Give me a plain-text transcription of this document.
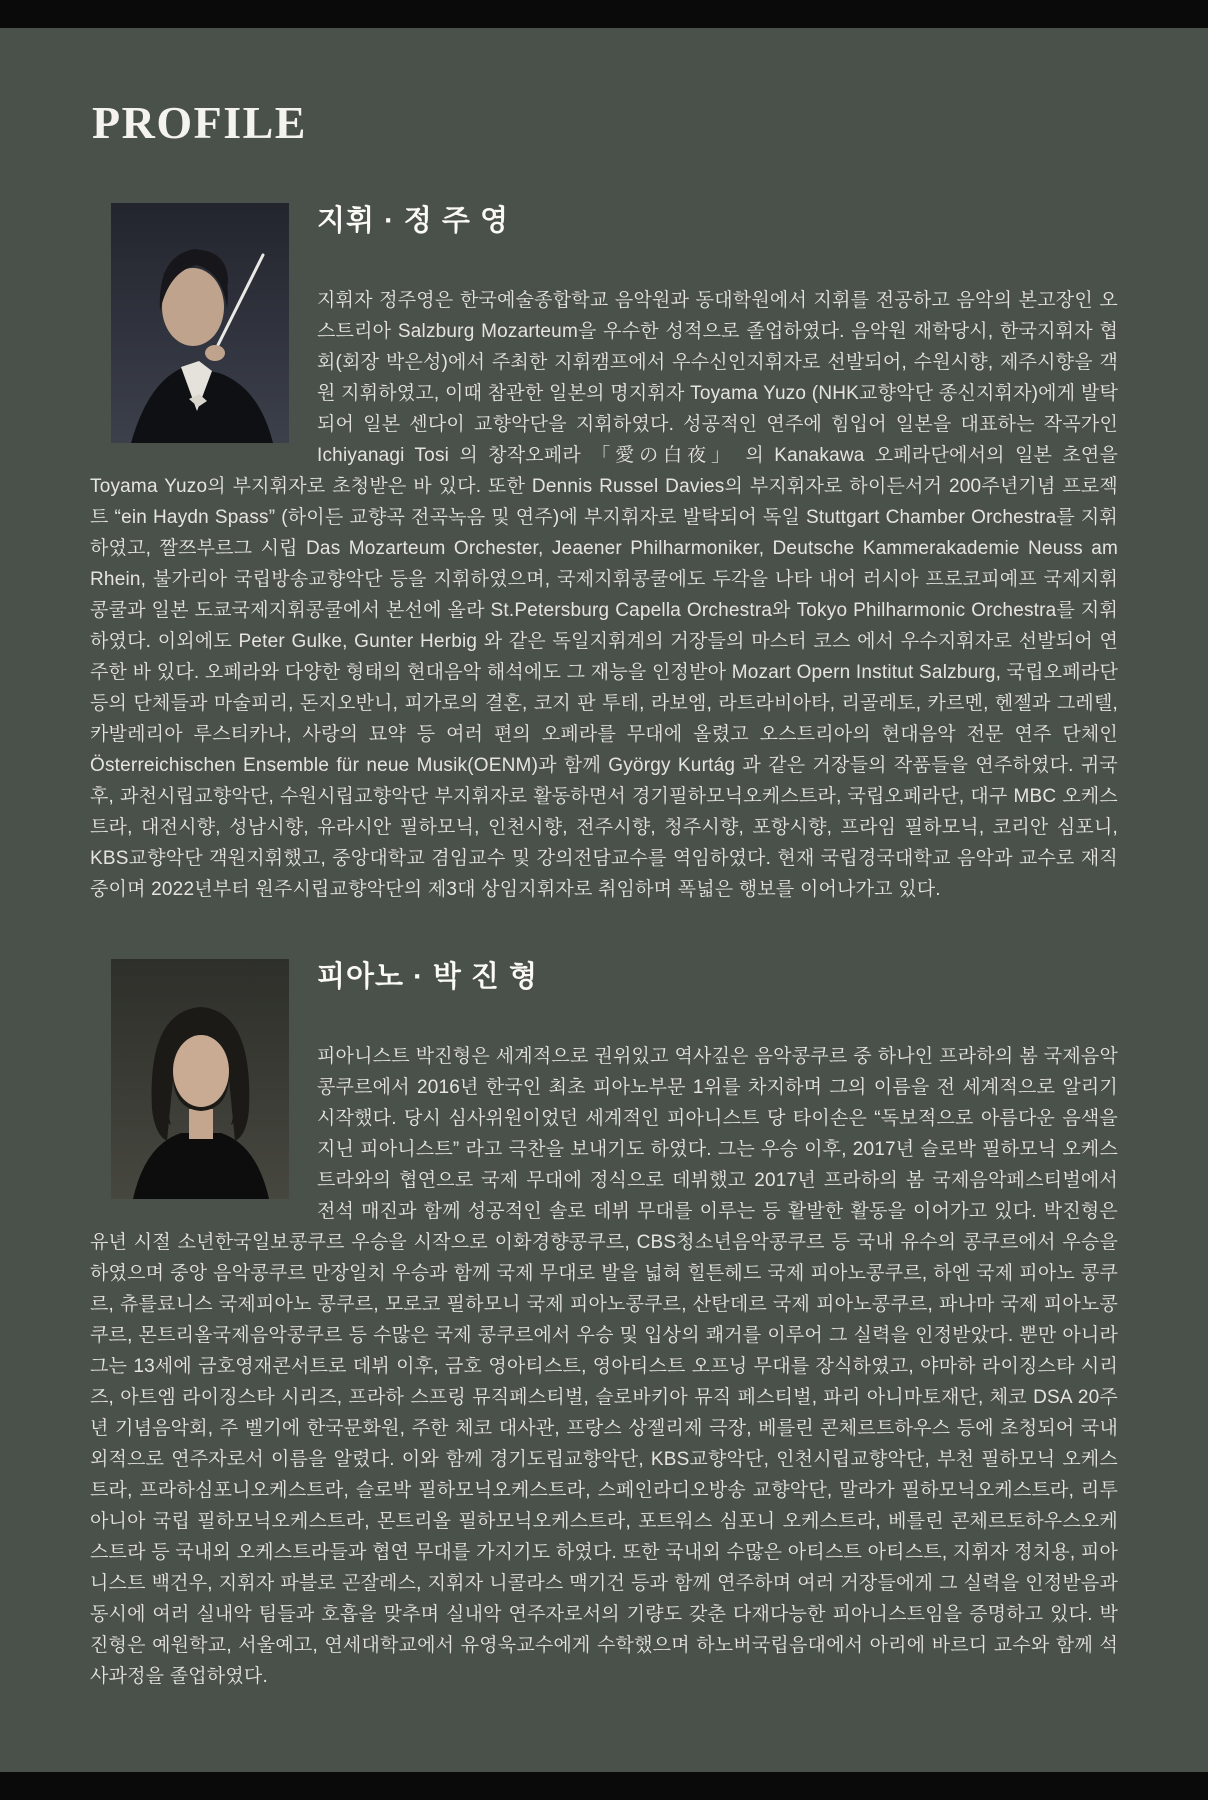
PROFILE
지휘 · 정 주 영

지휘자 정주영은 한국예술종합학교 음악원과 동대학원에서 지휘를 전공하고 음악의 본고장인 오스트리아 Salzburg Mozarteum을 우수한 성적으로 졸업하였다. 음악원 재학당시, 한국지휘자 협회(회장 박은성)에서 주최한 지휘캠프에서 우수신인지휘자로 선발되어, 수원시향, 제주시향을 객원 지휘하였고, 이때 참관한 일본의 명지휘자 Toyama Yuzo (NHK교향악단 종신지휘자)에게 발탁되어 일본 센다이 교향악단을 지휘하였다. 성공적인 연주에 힘입어 일본을 대표하는 작곡가인 Ichiyanagi Tosi 의 창작오페라 「愛の白夜」 의 Kanakawa 오페라단에서의 일본 초연을 Toyama Yuzo의 부지휘자로 초청받은 바 있다. 또한 Dennis Russel Davies의 부지휘자로 하이든서거 200주년기념 프로젝트 “ein Haydn Spass” (하이든 교향곡 전곡녹음 및 연주)에 부지휘자로 발탁되어 독일 Stuttgart Chamber Orchestra를 지휘하였고, 짤쯔부르그 시립 Das Mozarteum Orchester, Jeaener Philharmoniker, Deutsche Kammerakademie Neuss am Rhein, 불가리아 국립방송교향악단 등을 지휘하였으며, 국제지휘콩쿨에도 두각을 나타 내어 러시아 프로코피예프 국제지휘콩쿨과 일본 도쿄국제지휘콩쿨에서 본선에 올라 St.Petersburg Capella Orchestra와 Tokyo Philharmonic Orchestra를 지휘하였다. 이외에도 Peter Gulke, Gunter Herbig 와 같은 독일지휘계의 거장들의 마스터 코스 에서 우수지휘자로 선발되어 연주한 바 있다. 오페라와 다양한 형태의 현대음악 해석에도 그 재능을 인정받아 Mozart Opern Institut Salzburg, 국립오페라단 등의 단체들과 마술피리, 돈지오반니, 피가로의 결혼, 코지 판 투테, 라보엠, 라트라비아타, 리골레토, 카르멘, 헨젤과 그레텔, 카발레리아 루스티카나, 사랑의 묘약 등 여러 편의 오페라를 무대에 올렸고 오스트리아의 현대음악 전문 연주 단체인 Österreichischen Ensemble für neue Musik(OENM)과 함께 György Kurtág 과 같은 거장들의 작품들을 연주하였다. 귀국 후, 과천시립교향악단, 수원시립교향악단 부지휘자로 활동하면서 경기필하모닉오케스트라, 국립오페라단, 대구 MBC 오케스트라, 대전시향, 성남시향, 유라시안 필하모닉, 인천시향, 전주시향, 청주시향, 포항시향, 프라임 필하모닉, 코리안 심포니, KBS교향악단 객원지휘했고, 중앙대학교 겸임교수 및 강의전담교수를 역임하였다. 현재 국립경국대학교 음악과 교수로 재직중이며 2022년부터 원주시립교향악단의 제3대 상임지휘자로 취임하며 폭넓은 행보를 이어나가고 있다.

피아노 · 박 진 형

피아니스트 박진형은 세계적으로 권위있고 역사깊은 음악콩쿠르 중 하나인 프라하의 봄 국제음악콩쿠르에서 2016년 한국인 최초 피아노부문 1위를 차지하며 그의 이름을 전 세계적으로 알리기 시작했다. 당시 심사위원이었던 세계적인 피아니스트 당 타이손은 “독보적으로 아름다운 음색을 지닌 피아니스트” 라고 극찬을 보내기도 하였다. 그는 우승 이후, 2017년 슬로박 필하모닉 오케스트라와의 협연으로 국제 무대에 정식으로 데뷔했고 2017년 프라하의 봄 국제음악페스티벌에서 전석 매진과 함께 성공적인 솔로 데뷔 무대를 이루는 등 활발한 활동을 이어가고 있다. 박진형은 유년 시절 소년한국일보콩쿠르 우승을 시작으로 이화경향콩쿠르, CBS청소년음악콩쿠르 등 국내 유수의 콩쿠르에서 우승을 하였으며 중앙 음악콩쿠르 만장일치 우승과 함께 국제 무대로 발을 넓혀 힐튼헤드 국제 피아노콩쿠르, 하엔 국제 피아노 콩쿠르, 츄를료니스 국제피아노 콩쿠르, 모로코 필하모니 국제 피아노콩쿠르, 산탄데르 국제 피아노콩쿠르, 파나마 국제 피아노콩쿠르, 몬트리올국제음악콩쿠르 등 수많은 국제 콩쿠르에서 우승 및 입상의 쾌거를 이루어 그 실력을 인정받았다. 뿐만 아니라 그는 13세에 금호영재콘서트로 데뷔 이후, 금호 영아티스트, 영아티스트 오프닝 무대를 장식하였고, 야마하 라이징스타 시리즈, 아트엠 라이징스타 시리즈, 프라하 스프링 뮤직페스티벌, 슬로바키아 뮤직 페스티벌, 파리 아니마토재단, 체코 DSA 20주년 기념음악회, 주 벨기에 한국문화원, 주한 체코 대사관, 프랑스 상젤리제 극장, 베를린 콘체르트하우스 등에 초청되어 국내외적으로 연주자로서 이름을 알렸다. 이와 함께 경기도립교향악단, KBS교향악단, 인천시립교향악단, 부천 필하모닉 오케스트라, 프라하심포니오케스트라, 슬로박 필하모닉오케스트라, 스페인라디오방송 교향악단, 말라가 필하모닉오케스트라, 리투아니아 국립 필하모닉오케스트라, 몬트리올 필하모닉오케스트라, 포트워스 심포니 오케스트라, 베를린 콘체르토하우스오케스트라 등 국내외 오케스트라들과 협연 무대를 가지기도 하였다. 또한 국내외 수많은 아티스트 아티스트, 지휘자 정치용, 피아니스트 백건우, 지휘자 파블로 곤잘레스, 지휘자 니콜라스 맥기건 등과 함께 연주하며 여러 거장들에게 그 실력을 인정받음과 동시에 여러 실내악 팀들과 호흡을 맞추며 실내악 연주자로서의 기량도 갖춘 다재다능한 피아니스트임을 증명하고 있다. 박진형은 예원학교, 서울예고, 연세대학교에서 유영욱교수에게 수학했으며 하노버국립음대에서 아리에 바르디 교수와 함께 석사과정을 졸업하였다.
